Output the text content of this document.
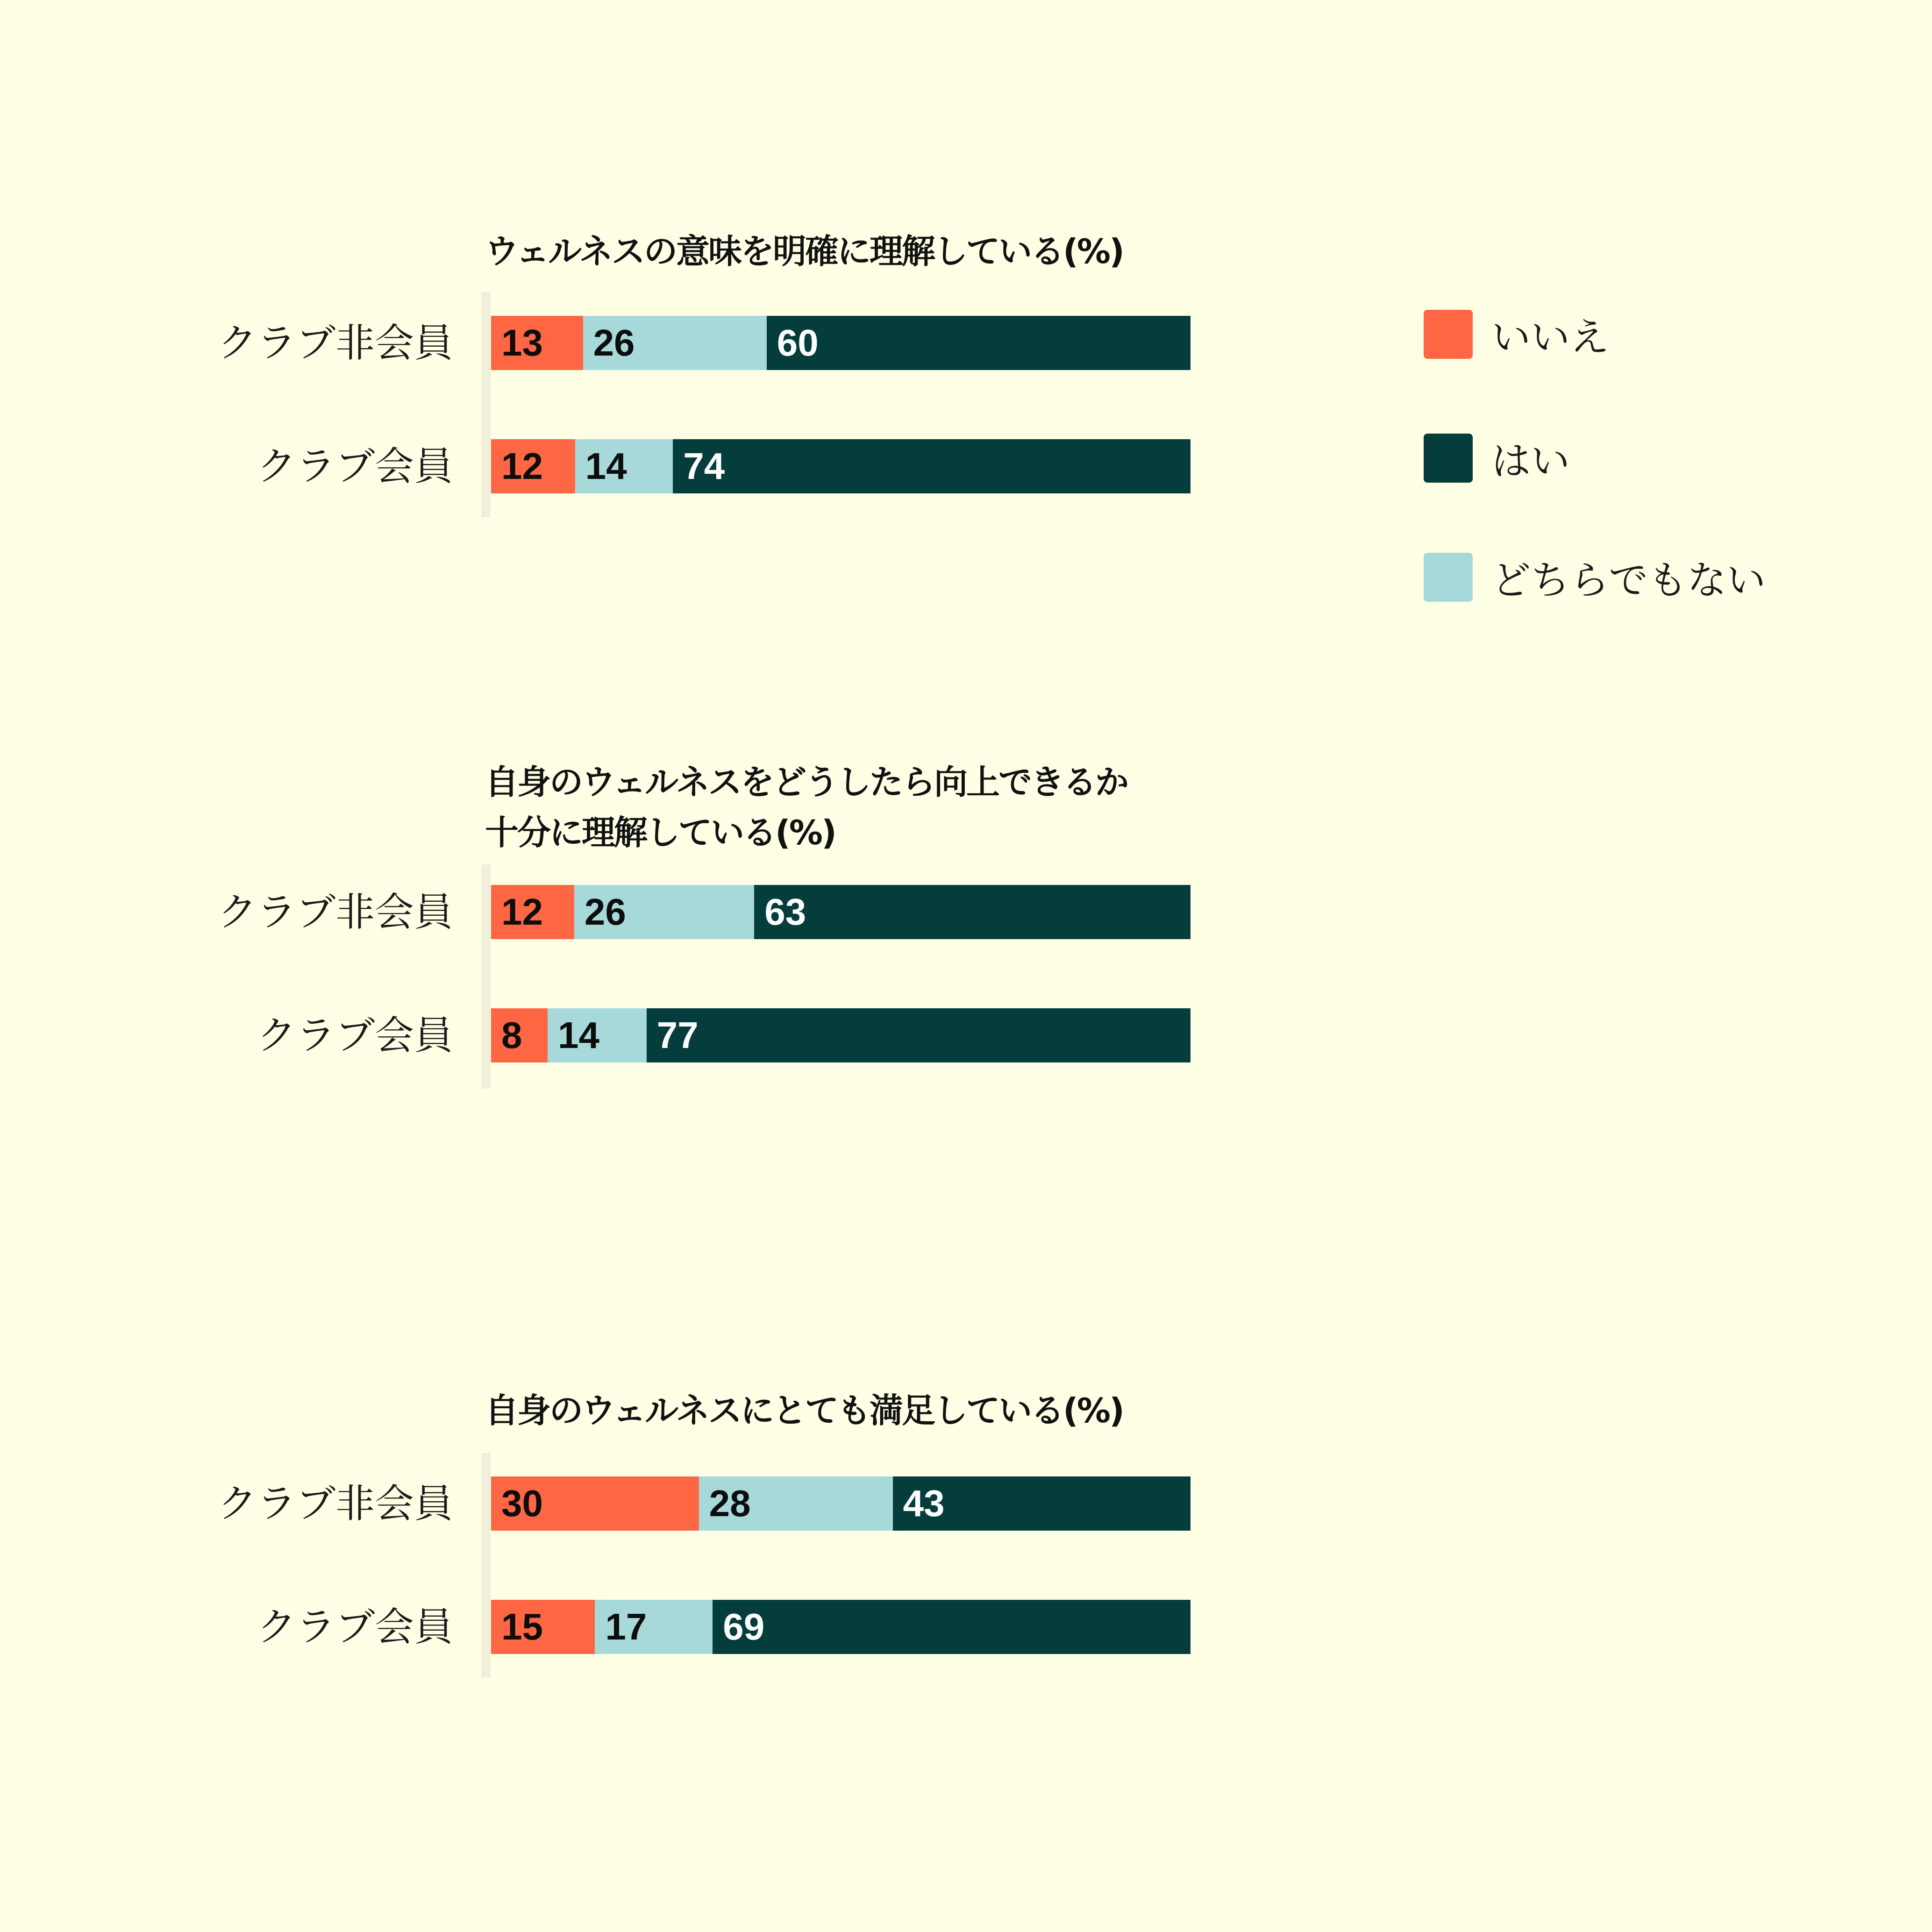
いいえ
はい
どちらでもない
ウェルネスの意味を明確に理解している(%)
クラブ非会員 13 26	60
クラブ会員 12 14 74
自身のウェルネスをどうしたら向上できるか
十分に理解している(%)
クラブ非会員 12 26	63
クラブ会員 8 14 77
自身のウェルネスにとても満足している(%)
クラブ非会員 30	28	43
クラブ会員 15 17 69
